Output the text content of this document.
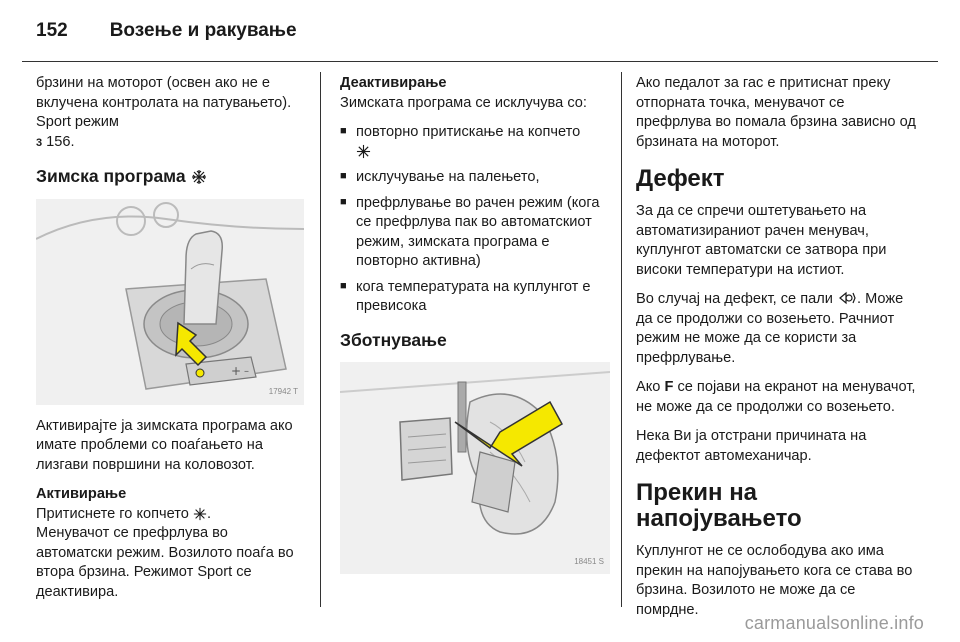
152 Возење и ракување

брзини на моторот (освен ако не е вклучена контролата на патувањето). Sport режим
3 156.

Зимска програма
+ –
17942 T

Активирајте ја зимската програма ако имате проблеми со поаѓањето на лизгави површини на коловозот.

Активирање
Притиснете го копчето .
Менувачот се префрлува во автоматски режим. Возилото поаѓа во втора брзина. Режимот Sport се деактивира.

Деактивирање

Зимската програма се исклучува со:

■ повторно притискање на копчето

■ исклучување на палењето,
■ префрлување во рачен режим (кога се префрлува пак во автоматскиот режим, зимската програма е повторно активна)
■ кога температурата на куплунгот е превисока
Зботнување
18451 S

Ако педалот за гас е притиснат преку отпорната точка, менувачот се префрлува во помала брзина зависно од брзината на моторот.

Дефект

За да се спречи оштетувањето на автоматизираниот рачен менувач, куплунгот автоматски се затвора при високи температури на истиот.

Во случај на дефект, се пали . Може да се продолжи со возењето. Рачниот режим не може да се користи за префрлување.

Ако F се појави на екранот на менувачот, не може да се продолжи со возењето.

Нека Ви ја отстрани причината на дефектот автомеханичар.

Прекин на напојувањето

Куплунгот не се ослободува ако има прекин на напојувањето кога се става во брзина. Возилото не може да се помрдне.

carmanualsonline.info
